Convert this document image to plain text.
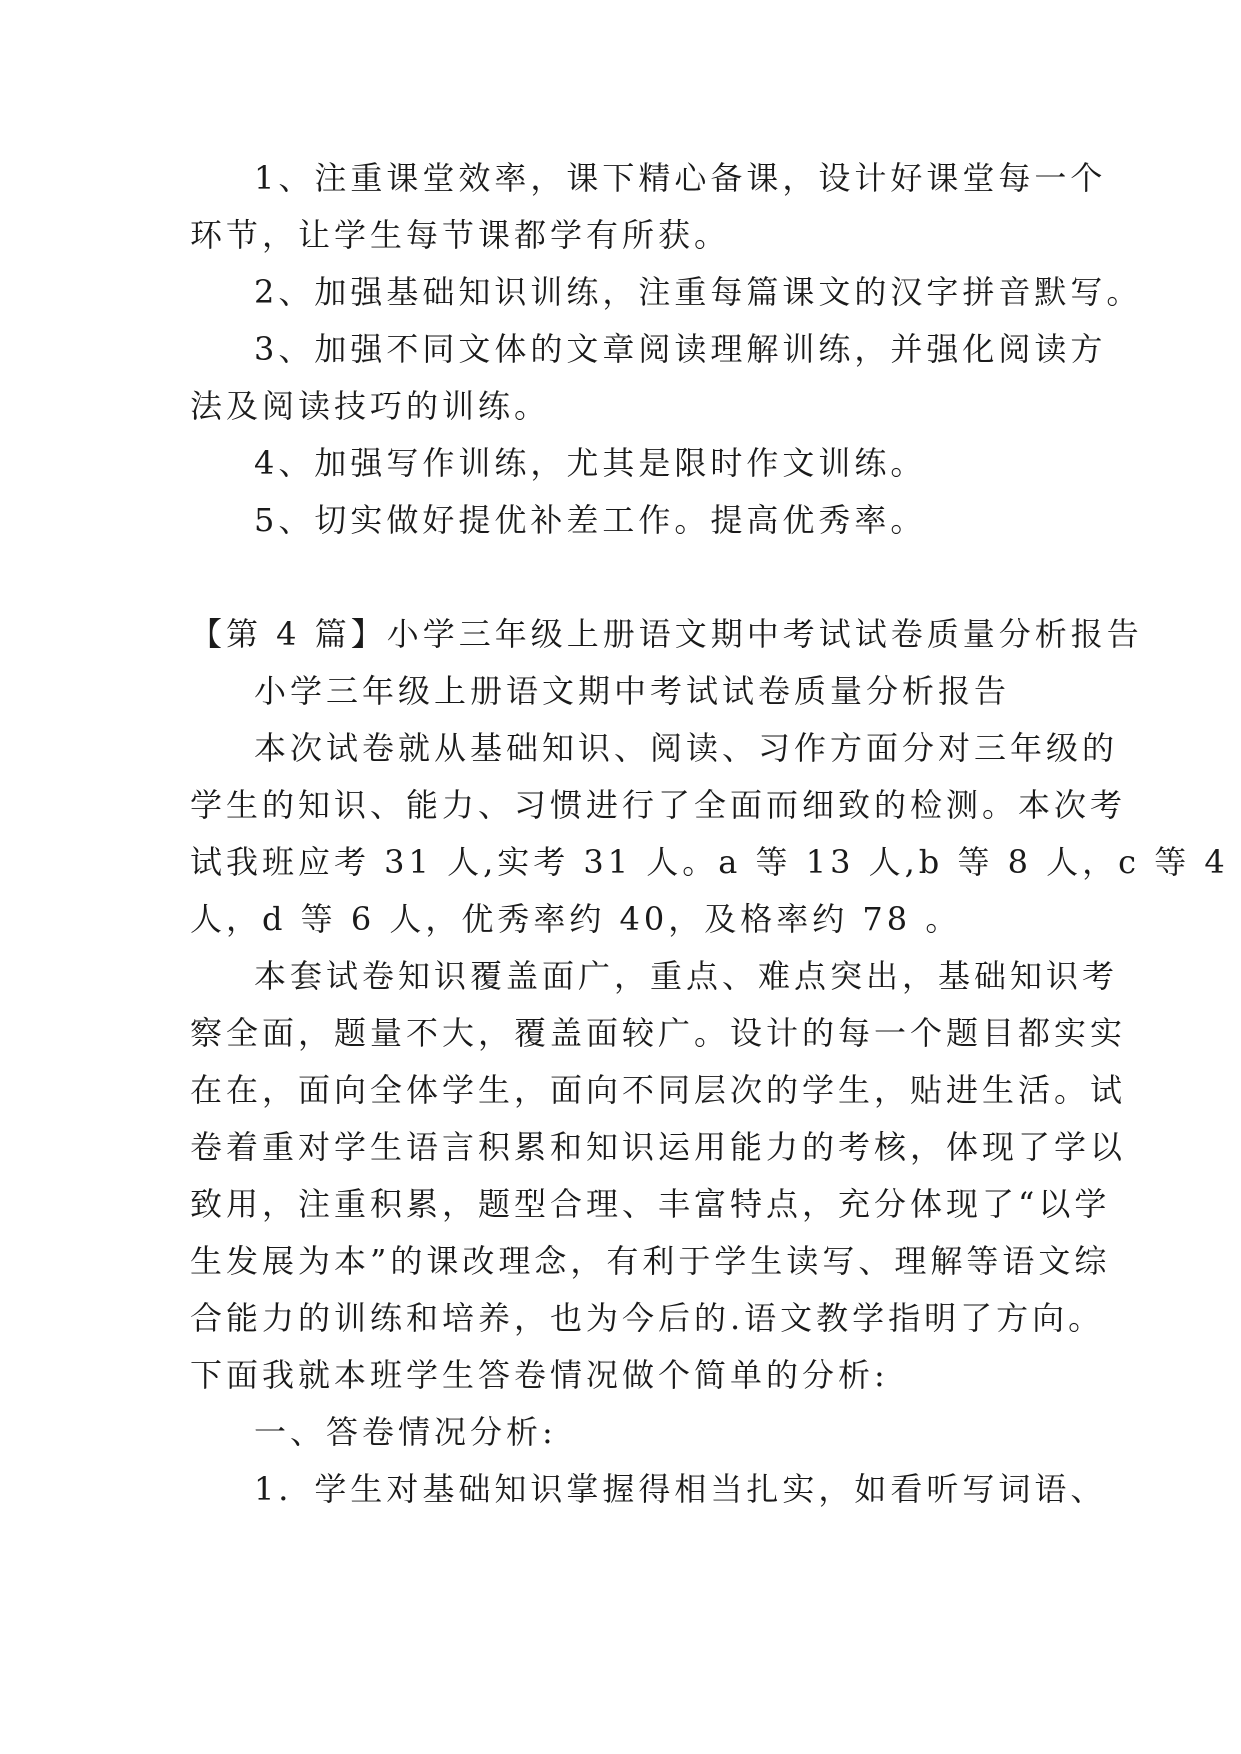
1、注重课堂效率，课下精心备课，设计好课堂每一个
环节，让学生每节课都学有所获。
2、加强基础知识训练，注重每篇课文的汉字拼音默写。
3、加强不同文体的文章阅读理解训练，并强化阅读方
法及阅读技巧的训练。
4、加强写作训练，尤其是限时作文训练。
5、切实做好提优补差工作。提高优秀率。
【第 4 篇】小学三年级上册语文期中考试试卷质量分析报告
小学三年级上册语文期中考试试卷质量分析报告
本次试卷就从基础知识、阅读、习作方面分对三年级的
学生的知识、能力、习惯进行了全面而细致的检测。本次考
试我班应考 31 人,实考 31 人。a 等 13 人,b 等 8 人，c 等 4
人，d 等 6 人，优秀率约 40，及格率约 78 。
本套试卷知识覆盖面广，重点、难点突出，基础知识考
察全面，题量不大，覆盖面较广。设计的每一个题目都实实
在在，面向全体学生，面向不同层次的学生，贴进生活。试
卷着重对学生语言积累和知识运用能力的考核，体现了学以
致用，注重积累，题型合理、丰富特点，充分体现了“以学
生发展为本”的课改理念，有利于学生读写、理解等语文综
合能力的训练和培养，也为今后的.语文教学指明了方向。
下面我就本班学生答卷情况做个简单的分析:
一、答卷情况分析:
1．学生对基础知识掌握得相当扎实，如看听写词语、
